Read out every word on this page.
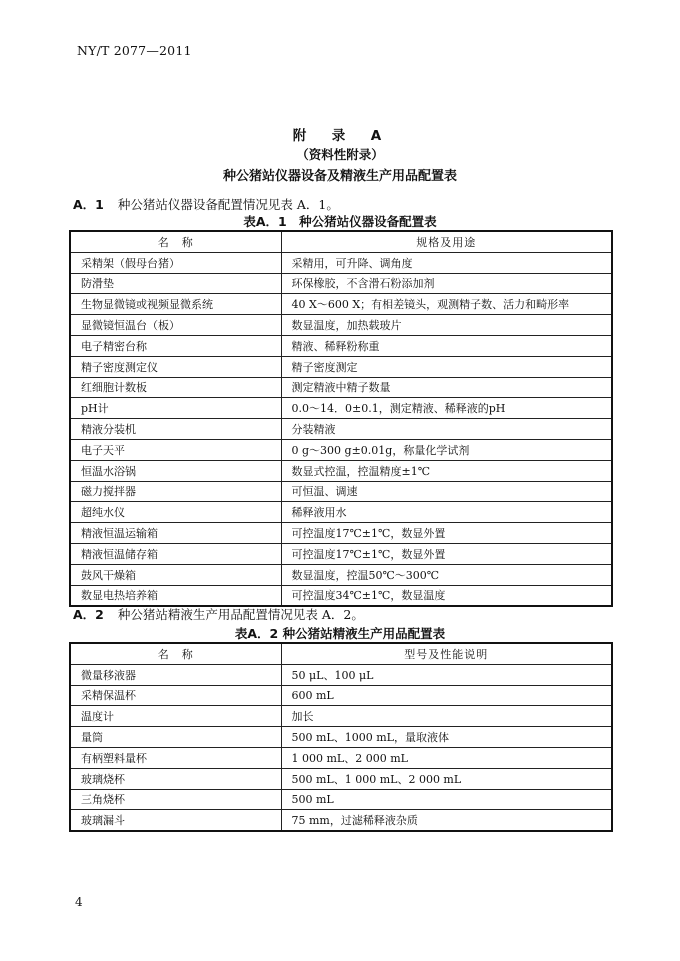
NY/T 2077—2011
附　录　A
（资料性附录）
种公猪站仪器设备及精液生产用品配置表
A．1 种公猪站仪器设备配置情况见表 A．1。
表A．1　种公猪站仪器设备配置表
名　称	规格及用途
采精架（假母台猪）	采精用，可升降、调角度
防滑垫	环保橡胶，不含滑石粉添加剂
生物显微镜或视频显微系统	40 X～600 X；有相差镜头，观测精子数、活力和畸形率
显微镜恒温台（板）	数显温度，加热载玻片
电子精密台称	精液、稀释粉称重
精子密度测定仪	精子密度测定
红细胞计数板	测定精液中精子数量
pH计	0.0～14．0±0.1，测定精液、稀释液的pH
精液分装机	分装精液
电子天平	0 g～300 g±0.01g，称量化学试剂
恒温水浴锅	数显式控温，控温精度±1℃
磁力搅拌器	可恒温、调速
超纯水仪	稀释液用水
精液恒温运输箱	可控温度17℃±1℃，数显外置
精液恒温储存箱	可控温度17℃±1℃，数显外置
鼓风干燥箱	数显温度，控温50℃～300℃
数显电热培养箱	可控温度34℃±1℃，数显温度
A．2 种公猪站精液生产用品配置情况见表 A．2。
表A．2 种公猪站精液生产用品配置表
名　称	型号及性能说明
微量移液器	50 μL、100 μL
采精保温杯	600 mL
温度计	加长
量筒	500 mL、1000 mL，量取液体
有柄塑料量杯	1 000 mL、2 000 mL
玻璃烧杯	500 mL、1 000 mL、2 000 mL
三角烧杯	500 mL
玻璃漏斗	75 mm，过滤稀释液杂质
4
